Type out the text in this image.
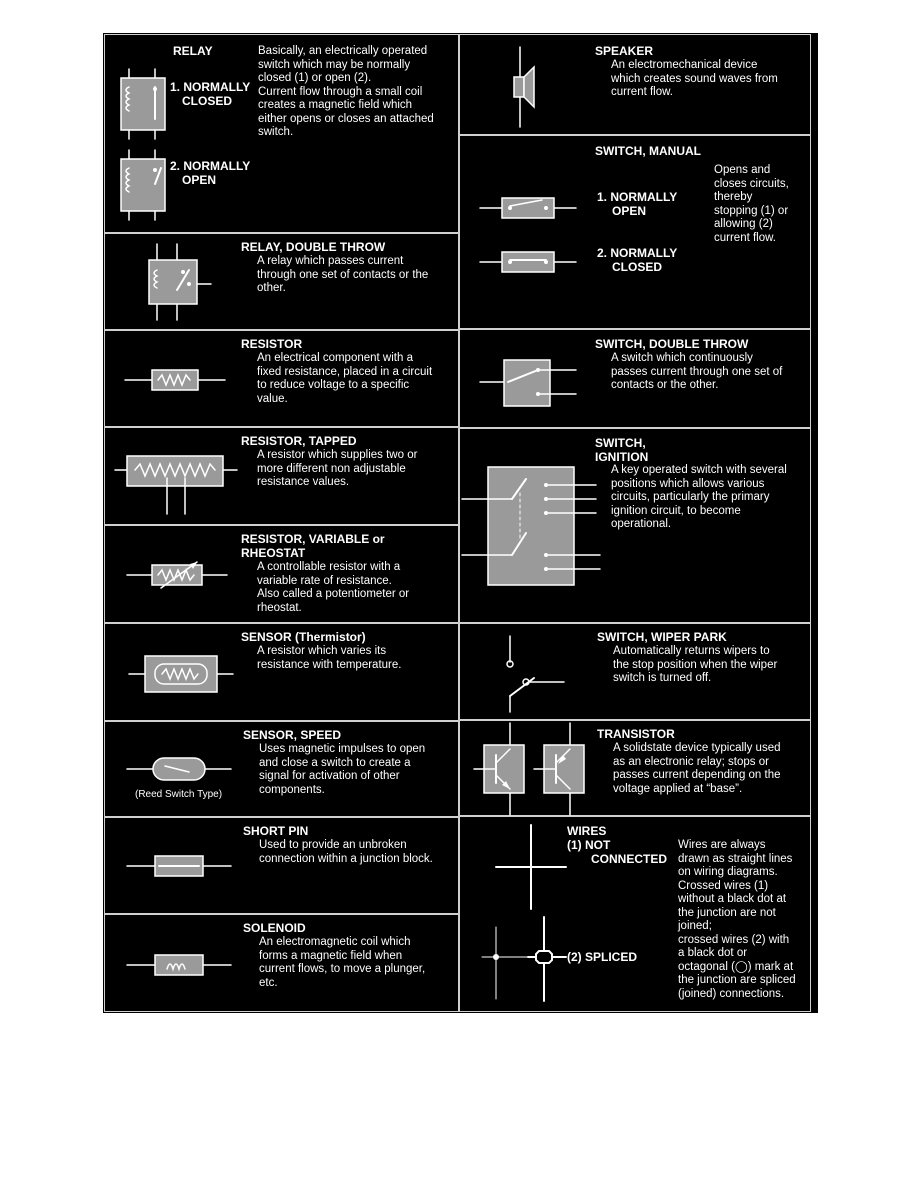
RELAY
1. NORMALLY
CLOSED
2. NORMALLY
OPEN
Basically, an electrically operated
switch which may be normally
closed (1) or open (2).
Current flow through a small coil
creates a magnetic field which
either opens or closes an attached
switch.
RELAY, DOUBLE THROW
A relay which passes current
through one set of contacts or the
other.
RESISTOR
An electrical component with a
fixed resistance, placed in a circuit
to reduce voltage to a specific
value.
RESISTOR, TAPPED
A resistor which supplies two or
more different non adjustable
resistance values.
RESISTOR, VARIABLE or
RHEOSTAT
A controllable resistor with a
variable rate of resistance.
Also called a potentiometer or
rheostat.
SENSOR (Thermistor)
A resistor which varies its
resistance with temperature.
(Reed Switch Type)
SENSOR, SPEED
Uses magnetic impulses to open
and close a switch to create a
signal for activation of other
components.
SHORT PIN
Used to provide an unbroken
connection within a junction block.
SOLENOID
An electromagnetic coil which
forms a magnetic field when
current flows, to move a plunger,
etc.
SPEAKER
An electromechanical device
which creates sound waves from
current flow.
SWITCH, MANUAL
1. NORMALLY
OPEN
2. NORMALLY
CLOSED
Opens and
closes circuits,
thereby
stopping (1) or
allowing (2)
current flow.
SWITCH, DOUBLE THROW
A switch which continuously
passes current through one set of
contacts or the other.
SWITCH,
IGNITION
A key operated switch with several
positions which allows various
circuits, particularly the primary
ignition circuit, to become
operational.
SWITCH, WIPER PARK
Automatically returns wipers to
the stop position when the wiper
switch is turned off.
TRANSISTOR
A solidstate device typically used
as an electronic relay; stops or
passes current depending on the
voltage applied at “base”.
WIRES
(1) NOT
CONNECTED
(2) SPLICED
Wires are always
drawn as straight lines
on wiring diagrams.
Crossed wires (1)
without a black dot at
the junction are not
joined;
crossed wires (2) with
a black dot or
octagonal (◯) mark at
the junction are spliced
(joined) connections.
